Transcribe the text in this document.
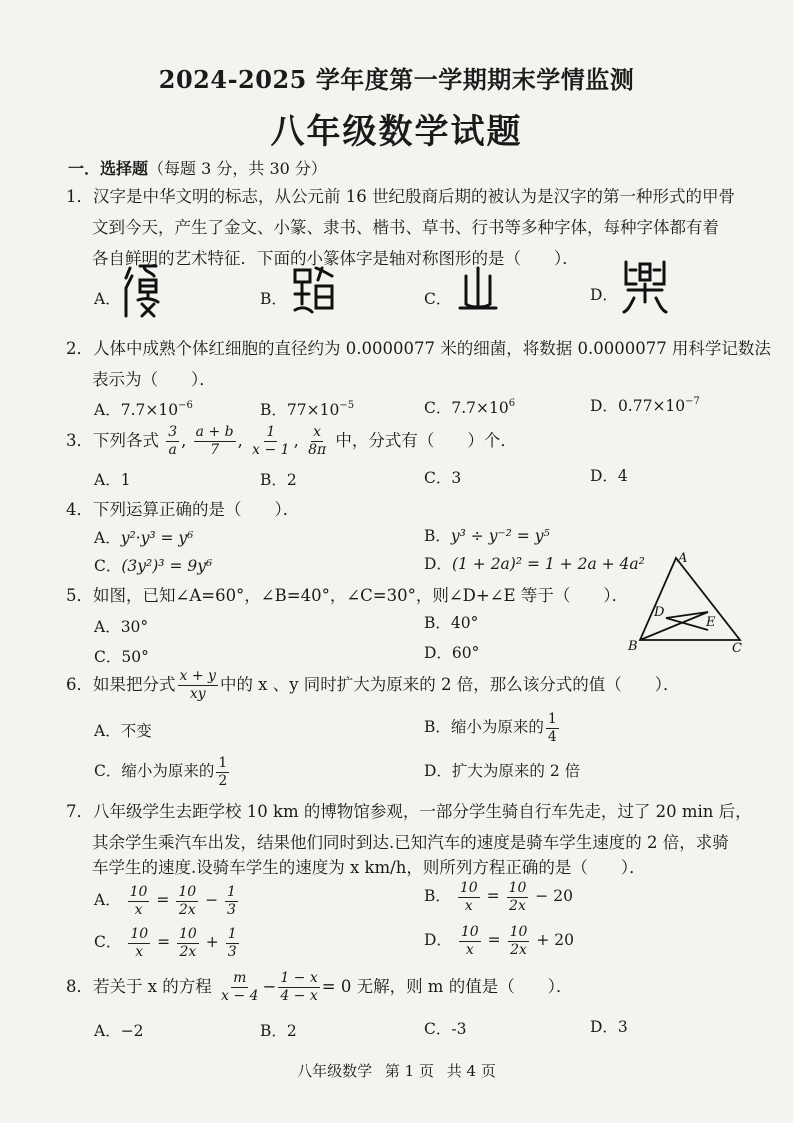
2024-2025 学年度第一学期期末学情监测
八年级数学试题
一．选择题（每题 3 分，共 30 分）
1．汉字是中华文明的标志，从公元前 16 世纪殷商后期的被认为是汉字的第一种形式的甲骨
文到今天，产生了金文、小篆、隶书、楷书、草书、行书等多种字体，每种字体都有着
各自鲜明的艺术特征．下面的小篆体字是轴对称图形的是（　　）．
A．	B．	C．	D．
2．人体中成熟个体红细胞的直径约为 0.0000077 米的细菌，将数据 0.0000077 用科学记数法
表示为（　　）．
A．$7.7\times 10^{-6}$	B．$77\times 10^{-5}$	C．$7.7\times 10^6$	D．$0.77\times 10^{-7}$
3．下列各式 $\frac{3}{a}$ , $\frac{a + b}{7}$ , $\frac{1}{x - 1}$ , $\frac{x}{8\pi}$ 中，分式有（　　）个．
A．1	B．2	C．3	D．4
4．下列运算正确的是（　　）．
A．y²·y³ = y⁶	B．y³ ÷ y⁻² = y⁵
C．(3y²)³ = 9y⁶	D．(1 + 2a)² = 1 + 2a + 4a²
5．如图，已知∠A=60°，∠B=40°，∠C=30°，则∠D+∠E 等于（　　）．
A．30°	B．40°
C．50°	D．60°
A
B	C
D
E
6．如果把分式 $\frac{x + y}{xy}$ 中的 x 、y 同时扩大为原来的 2 倍，那么该分式的值（　　）．
A．不变	B．缩小为原来的 $\frac{1}{4}$
C．缩小为原来的 $\frac{1}{2}$	D．扩大为原来的 2 倍
7．八年级学生去距学校 10 km 的博物馆参观，一部分学生骑自行车先走，过了 20 min 后，
其余学生乘汽车出发，结果他们同时到达.已知汽车的速度是骑车学生速度的 2 倍，求骑
车学生的速度.设骑车学生的速度为 x km/h，则所列方程正确的是（　　）．
A． $\frac{10}{x} = \frac{10}{2x} - \frac{1}{3}$	B． $\frac{10}{x} = \frac{10}{2x} - 20$
C． $\frac{10}{x} = \frac{10}{2x} + \frac{1}{3}$	D． $\frac{10}{x} = \frac{10}{2x} + 20$
8．若关于 x 的方程 $\frac{m}{x - 4} - \frac{1 - x}{4 - x} = 0$ 无解，则 m 的值是（　　）．
A．−2	B．2	C．-3	D．3
八年级数学 第 1 页 共 4 页
